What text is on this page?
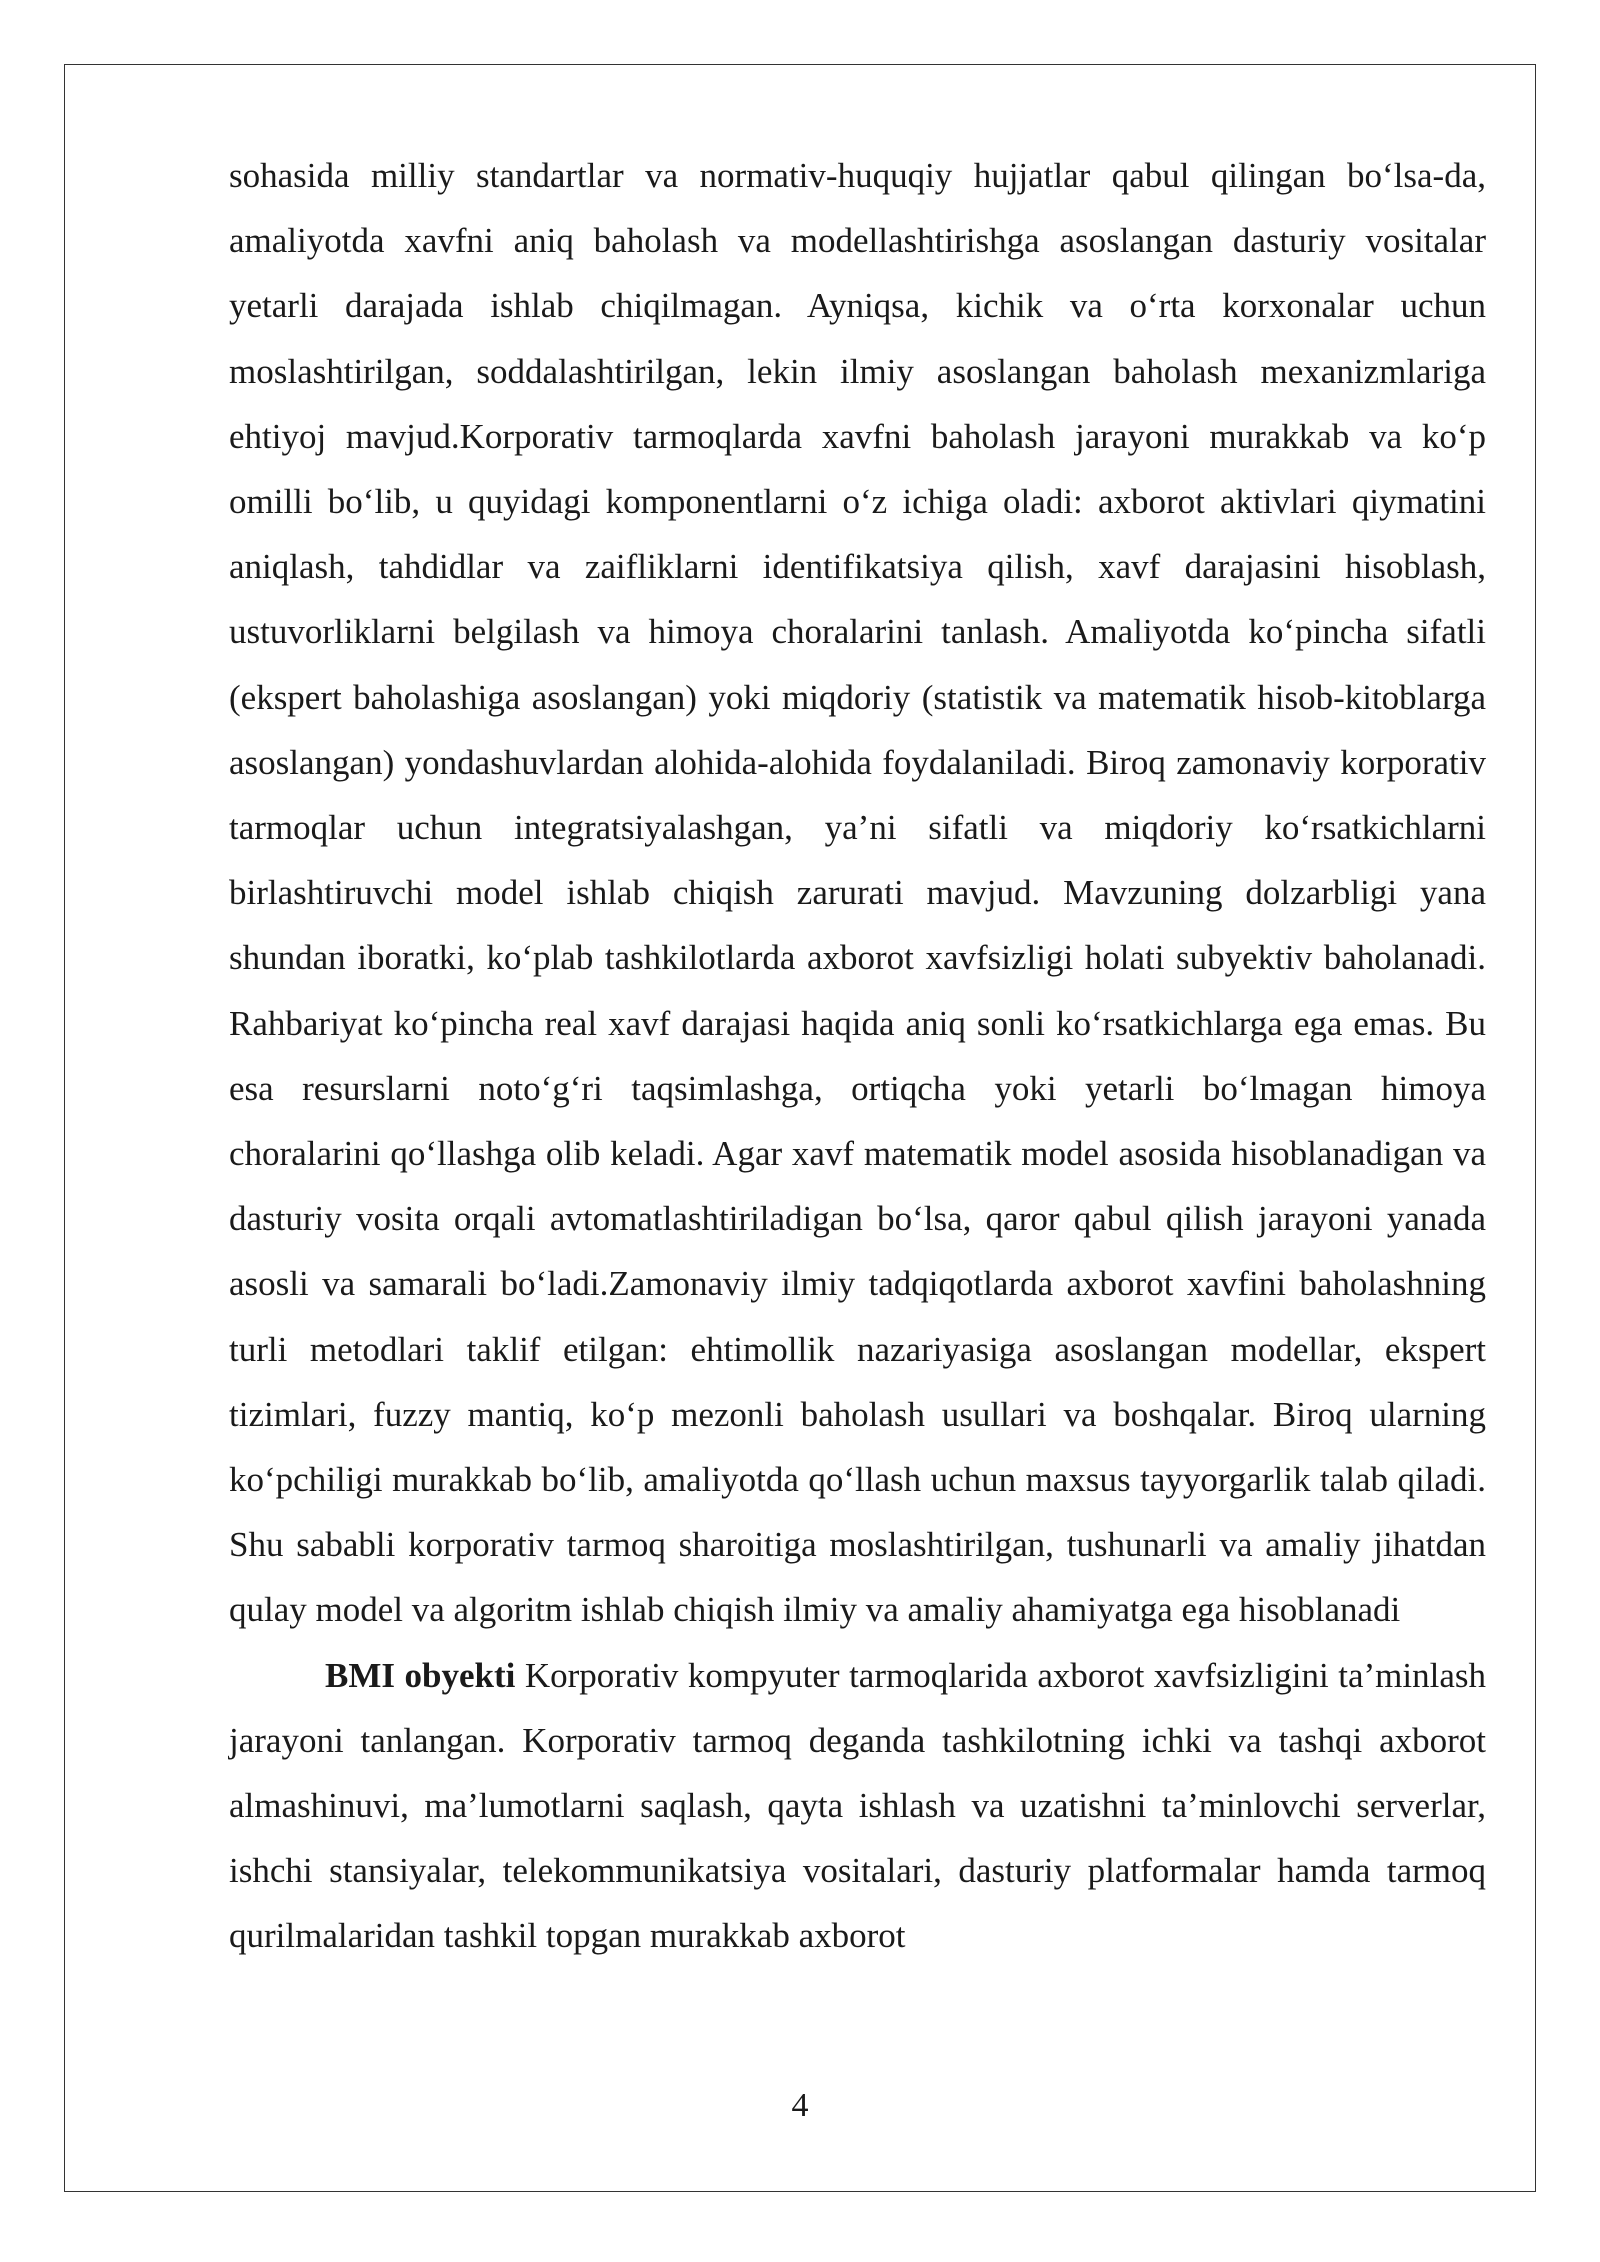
sohasida milliy standartlar va normativ-huquqiy hujjatlar qabul qilingan bo‘lsa-da, amaliyotda xavfni aniq baholash va modellashtirishga asoslangan dasturiy vositalar yetarli darajada ishlab chiqilmagan. Ayniqsa, kichik va o‘rta korxonalar uchun moslashtirilgan, soddalashtirilgan, lekin ilmiy asoslangan baholash mexanizmlariga ehtiyoj mavjud.Korporativ tarmoqlarda xavfni baholash jarayoni murakkab va ko‘p omilli bo‘lib, u quyidagi komponentlarni o‘z ichiga oladi: axborot aktivlari qiymatini aniqlash, tahdidlar va zaifliklarni identifikatsiya qilish, xavf darajasini hisoblash, ustuvorliklarni belgilash va himoya choralarini tanlash. Amaliyotda ko‘pincha sifatli (ekspert baholashiga asoslangan) yoki miqdoriy (statistik va matematik hisob-kitoblarga asoslangan) yondashuvlardan alohida-alohida foydalaniladi. Biroq zamonaviy korporativ tarmoqlar uchun integratsiyalashgan, ya’ni sifatli va miqdoriy ko‘rsatkichlarni birlashtiruvchi model ishlab chiqish zarurati mavjud. Mavzuning dolzarbligi yana shundan iboratki, ko‘plab tashkilotlarda axborot xavfsizligi holati subyektiv baholanadi. Rahbariyat ko‘pincha real xavf darajasi haqida aniq sonli ko‘rsatkichlarga ega emas. Bu esa resurslarni noto‘g‘ri taqsimlashga, ortiqcha yoki yetarli bo‘lmagan himoya choralarini qo‘llashga olib keladi. Agar xavf matematik model asosida hisoblanadigan va dasturiy vosita orqali avtomatlashtiriladigan bo‘lsa, qaror qabul qilish jarayoni yanada asosli va samarali bo‘ladi.Zamonaviy ilmiy tadqiqotlarda axborot xavfini baholashning turli metodlari taklif etilgan: ehtimollik nazariyasiga asoslangan modellar, ekspert tizimlari, fuzzy mantiq, ko‘p mezonli baholash usullari va boshqalar. Biroq ularning ko‘pchiligi murakkab bo‘lib, amaliyotda qo‘llash uchun maxsus tayyorgarlik talab qiladi. Shu sababli korporativ tarmoq sharoitiga moslashtirilgan, tushunarli va amaliy jihatdan qulay model va algoritm ishlab chiqish ilmiy va amaliy ahamiyatga ega hisoblanadi

BMI obyekti Korporativ kompyuter tarmoqlarida axborot xavfsizligini ta’minlash jarayoni tanlangan. Korporativ tarmoq deganda tashkilotning ichki va tashqi axborot almashinuvi, ma’lumotlarni saqlash, qayta ishlash va uzatishni ta’minlovchi serverlar, ishchi stansiyalar, telekommunikatsiya vositalari, dasturiy platformalar hamda tarmoq qurilmalaridan tashkil topgan murakkab axborot

4
